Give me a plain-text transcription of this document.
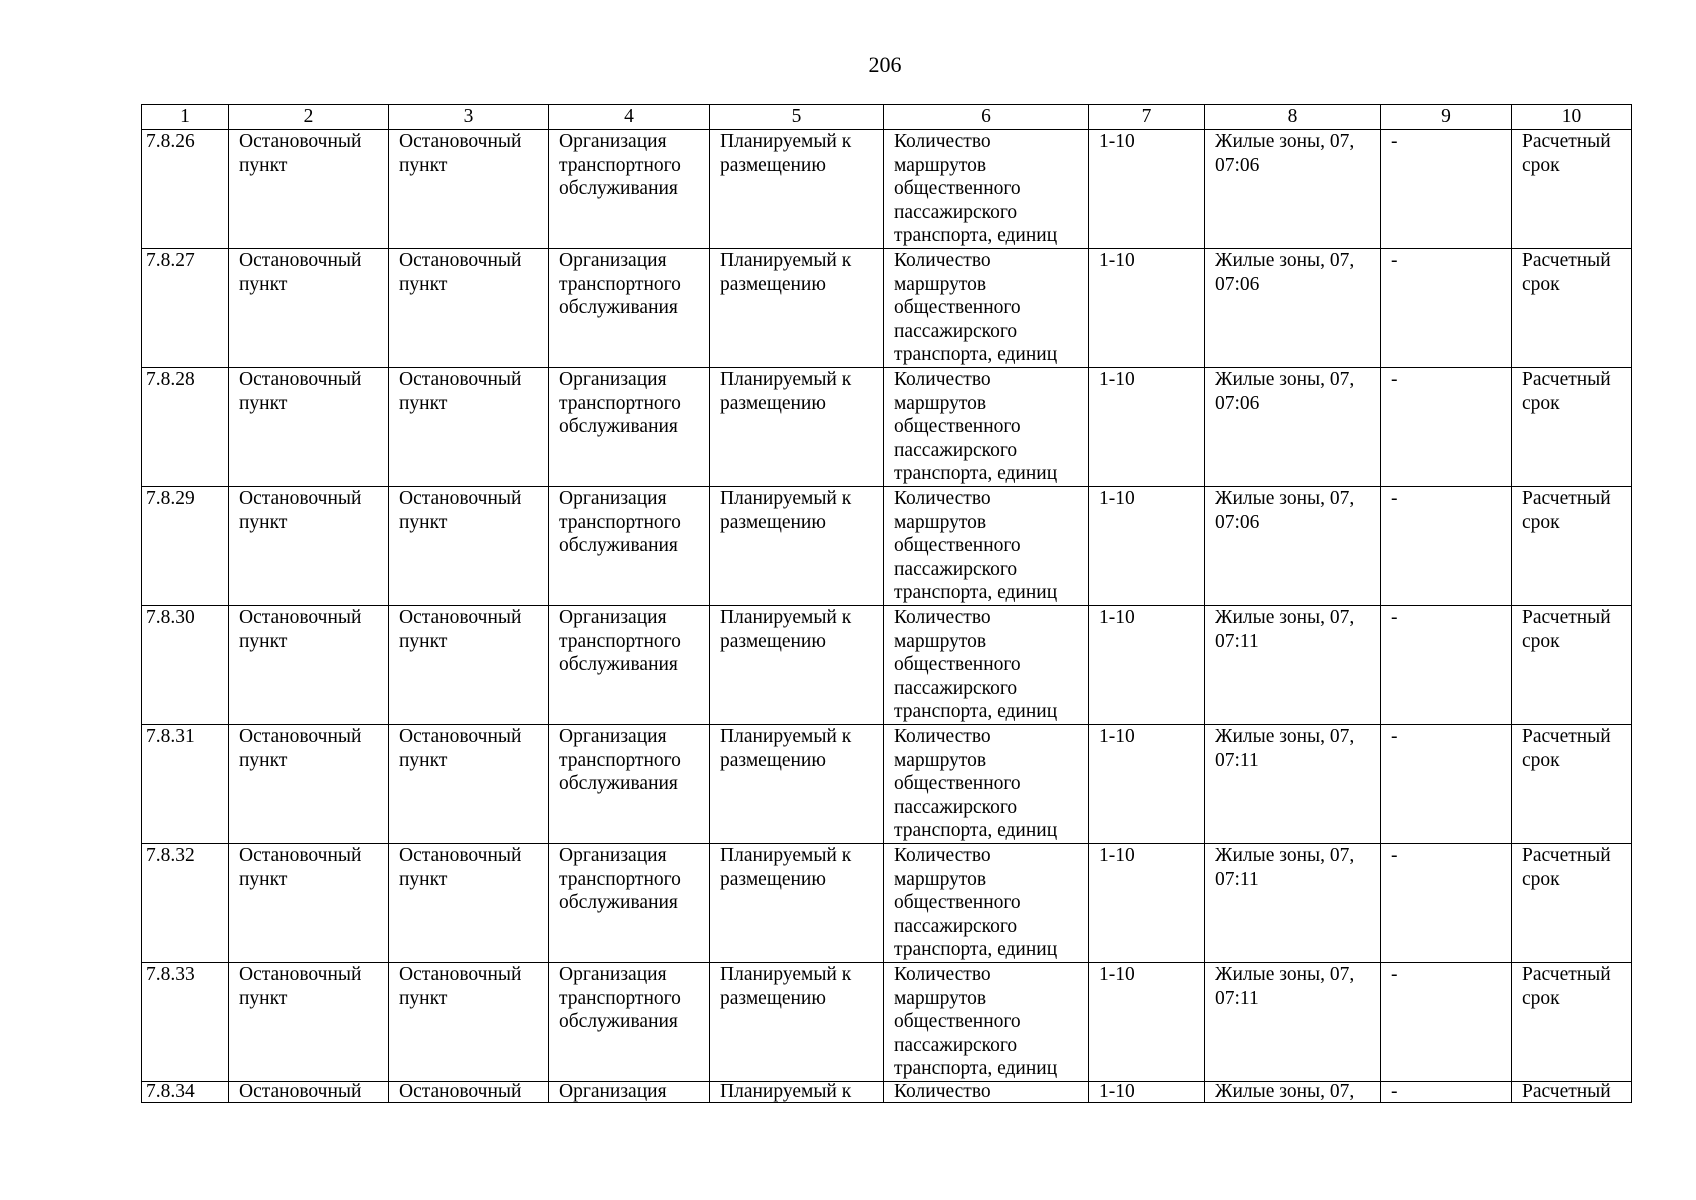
206
1	2	3	4	5	6	7	8	9	10

7.8.26	Остановочный пункт	Остановочный пункт	Организация транспортного обслуживания	Планируемый к размещению	Количество маршрутов общественного пассажирского транспорта, единиц	1-10	Жилые зоны, 07, 07:06	-	Расчетный срок

7.8.27	Остановочный пункт	Остановочный пункт	Организация транспортного обслуживания	Планируемый к размещению	Количество маршрутов общественного пассажирского транспорта, единиц	1-10	Жилые зоны, 07, 07:06	-	Расчетный срок

7.8.28	Остановочный пункт	Остановочный пункт	Организация транспортного обслуживания	Планируемый к размещению	Количество маршрутов общественного пассажирского транспорта, единиц	1-10	Жилые зоны, 07, 07:06	-	Расчетный срок

7.8.29	Остановочный пункт	Остановочный пункт	Организация транспортного обслуживания	Планируемый к размещению	Количество маршрутов общественного пассажирского транспорта, единиц	1-10	Жилые зоны, 07, 07:06	-	Расчетный срок

7.8.30	Остановочный пункт	Остановочный пункт	Организация транспортного обслуживания	Планируемый к размещению	Количество маршрутов общественного пассажирского транспорта, единиц	1-10	Жилые зоны, 07, 07:11	-	Расчетный срок

7.8.31	Остановочный пункт	Остановочный пункт	Организация транспортного обслуживания	Планируемый к размещению	Количество маршрутов общественного пассажирского транспорта, единиц	1-10	Жилые зоны, 07, 07:11	-	Расчетный срок

7.8.32	Остановочный пункт	Остановочный пункт	Организация транспортного обслуживания	Планируемый к размещению	Количество маршрутов общественного пассажирского транспорта, единиц	1-10	Жилые зоны, 07, 07:11	-	Расчетный срок

7.8.33	Остановочный пункт	Остановочный пункт	Организация транспортного обслуживания	Планируемый к размещению	Количество маршрутов общественного пассажирского транспорта, единиц	1-10	Жилые зоны, 07, 07:11	-	Расчетный срок

7.8.34	Остановочный	Остановочный	Организация	Планируемый к	Количество	1-10	Жилые зоны, 07,	-	Расчетный
